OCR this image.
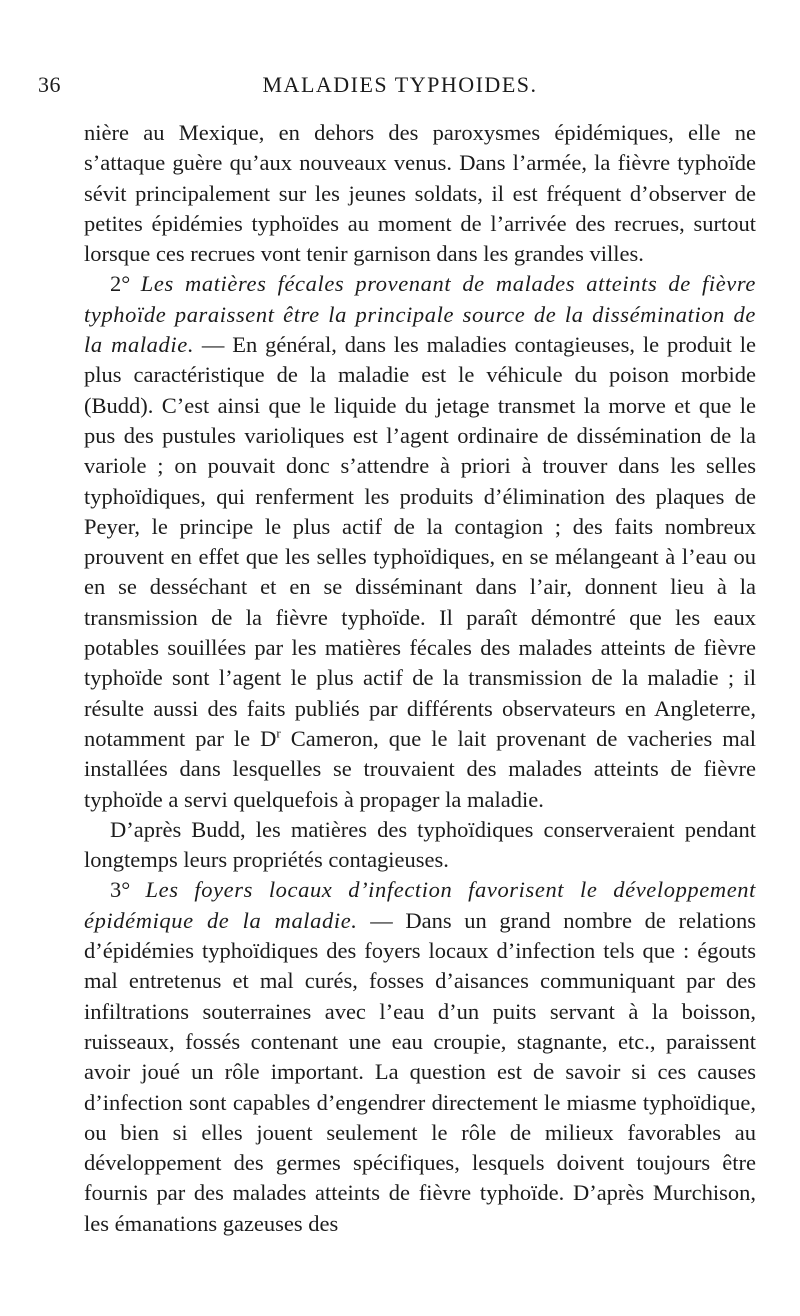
36	MALADIES TYPHOIDES.

nière au Mexique, en dehors des paroxysmes épidémiques, elle ne s’attaque guère qu’aux nouveaux venus. Dans l’armée, la fièvre typhoïde sévit principalement sur les jeunes soldats, il est fréquent d’observer de petites épidémies typhoïdes au moment de l’arrivée des recrues, surtout lorsque ces recrues vont tenir garnison dans les grandes villes.

2° Les matières fécales provenant de malades atteints de fièvre typhoïde paraissent être la principale source de la dissémination de la maladie. — En général, dans les maladies contagieuses, le produit le plus caractéristique de la maladie est le véhicule du poison morbide (Budd). C’est ainsi que le liquide du jetage transmet la morve et que le pus des pustules varioliques est l’agent ordinaire de dissémination de la variole ; on pouvait donc s’attendre à priori à trouver dans les selles typhoïdiques, qui renferment les produits d’élimination des plaques de Peyer, le principe le plus actif de la contagion ; des faits nombreux prouvent en effet que les selles typhoïdiques, en se mélangeant à l’eau ou en se desséchant et en se disséminant dans l’air, donnent lieu à la transmission de la fièvre typhoïde. Il paraît démontré que les eaux potables souillées par les matières fécales des malades atteints de fièvre typhoïde sont l’agent le plus actif de la transmission de la maladie ; il résulte aussi des faits publiés par différents observateurs en Angleterre, notamment par le $D^r$ Cameron, que le lait provenant de vacheries mal installées dans lesquelles se trouvaient des malades atteints de fièvre typhoïde a servi quelquefois à propager la maladie.

D’après Budd, les matières des typhoïdiques conserveraient pendant longtemps leurs propriétés contagieuses.

3° Les foyers locaux d’infection favorisent le développement épidémique de la maladie. — Dans un grand nombre de relations d’épidémies typhoïdiques des foyers locaux d’infection tels que : égouts mal entretenus et mal curés, fosses d’aisances communiquant par des infiltrations souterraines avec l’eau d’un puits servant à la boisson, ruisseaux, fossés contenant une eau croupie, stagnante, etc., paraissent avoir joué un rôle important. La question est de savoir si ces causes d’infection sont capables d’engendrer directement le miasme typhoïdique, ou bien si elles jouent seulement le rôle de milieux favorables au développement des germes spécifiques, lesquels doivent toujours être fournis par des malades atteints de fièvre typhoïde. D’après Murchison, les émanations gazeuses des
